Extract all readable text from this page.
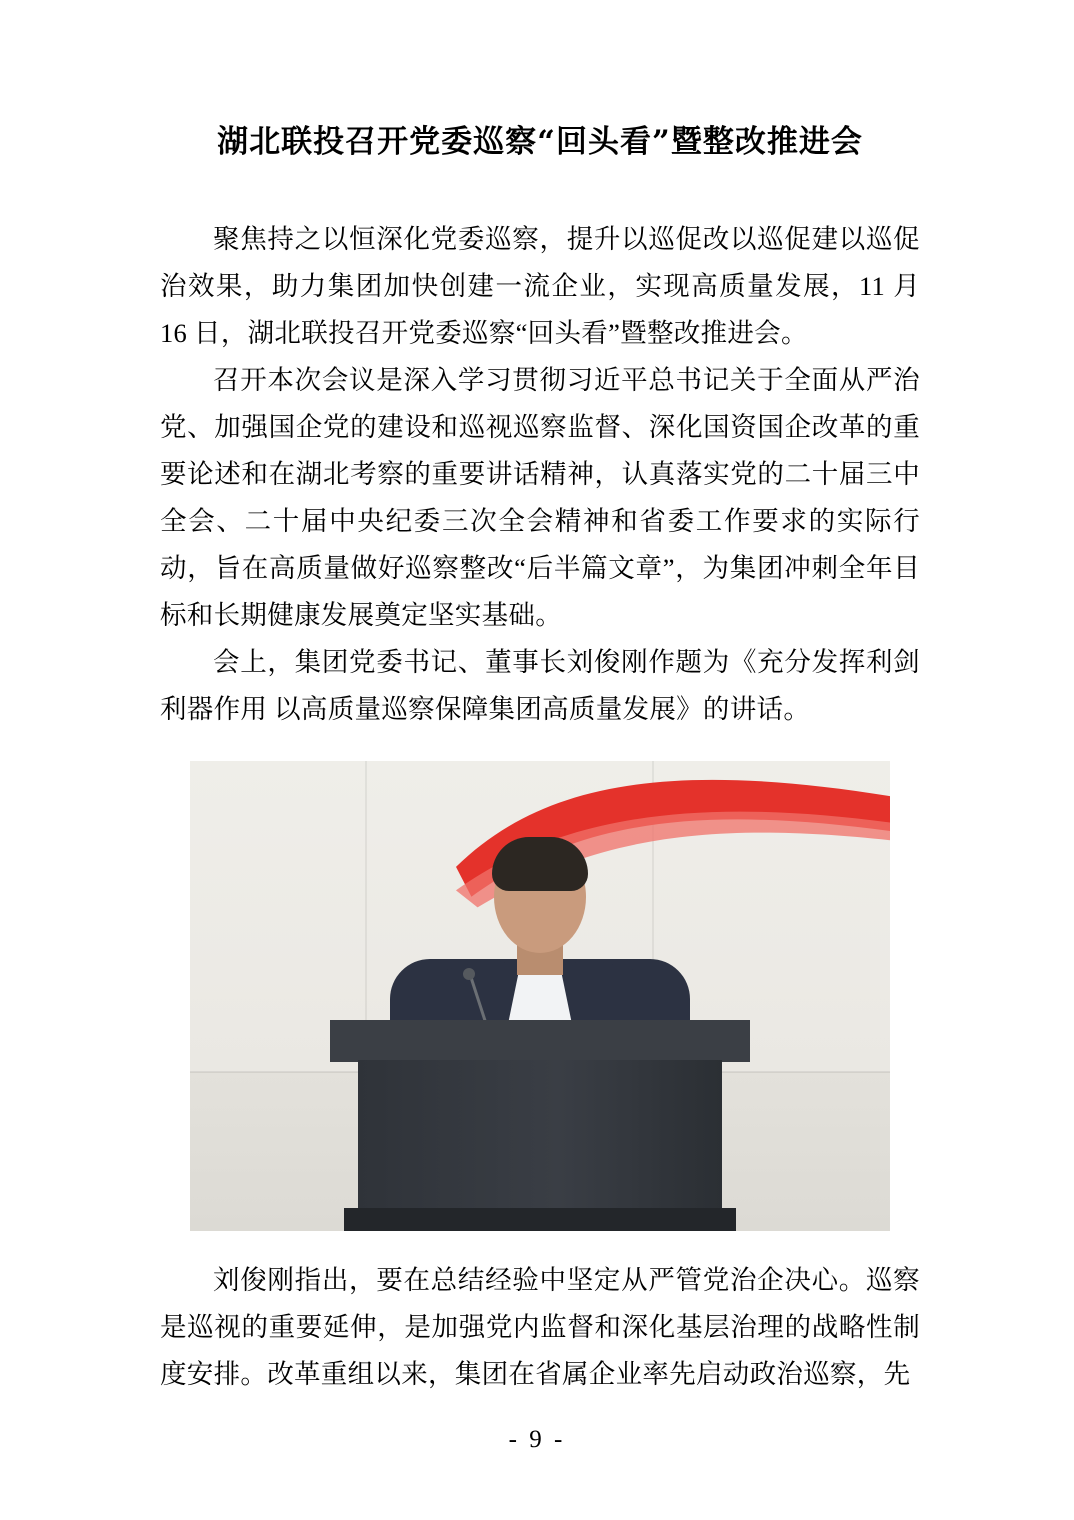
湖北联投召开党委巡察“回头看”暨整改推进会

聚焦持之以恒深化党委巡察，提升以巡促改以巡促建以巡促治效果，助力集团加快创建一流企业，实现高质量发展，11 月 16 日，湖北联投召开党委巡察“回头看”暨整改推进会。

召开本次会议是深入学习贯彻习近平总书记关于全面从严治党、加强国企党的建设和巡视巡察监督、深化国资国企改革的重要论述和在湖北考察的重要讲话精神，认真落实党的二十届三中全会、二十届中央纪委三次全会精神和省委工作要求的实际行动，旨在高质量做好巡察整改“后半篇文章”，为集团冲刺全年目标和长期健康发展奠定坚实基础。

会上，集团党委书记、董事长刘俊刚作题为《充分发挥利剑利器作用 以高质量巡察保障集团高质量发展》的讲话。

刘俊刚指出，要在总结经验中坚定从严管党治企决心。巡察是巡视的重要延伸，是加强党内监督和深化基层治理的战略性制度安排。改革重组以来，集团在省属企业率先启动政治巡察，先

- 9 -
